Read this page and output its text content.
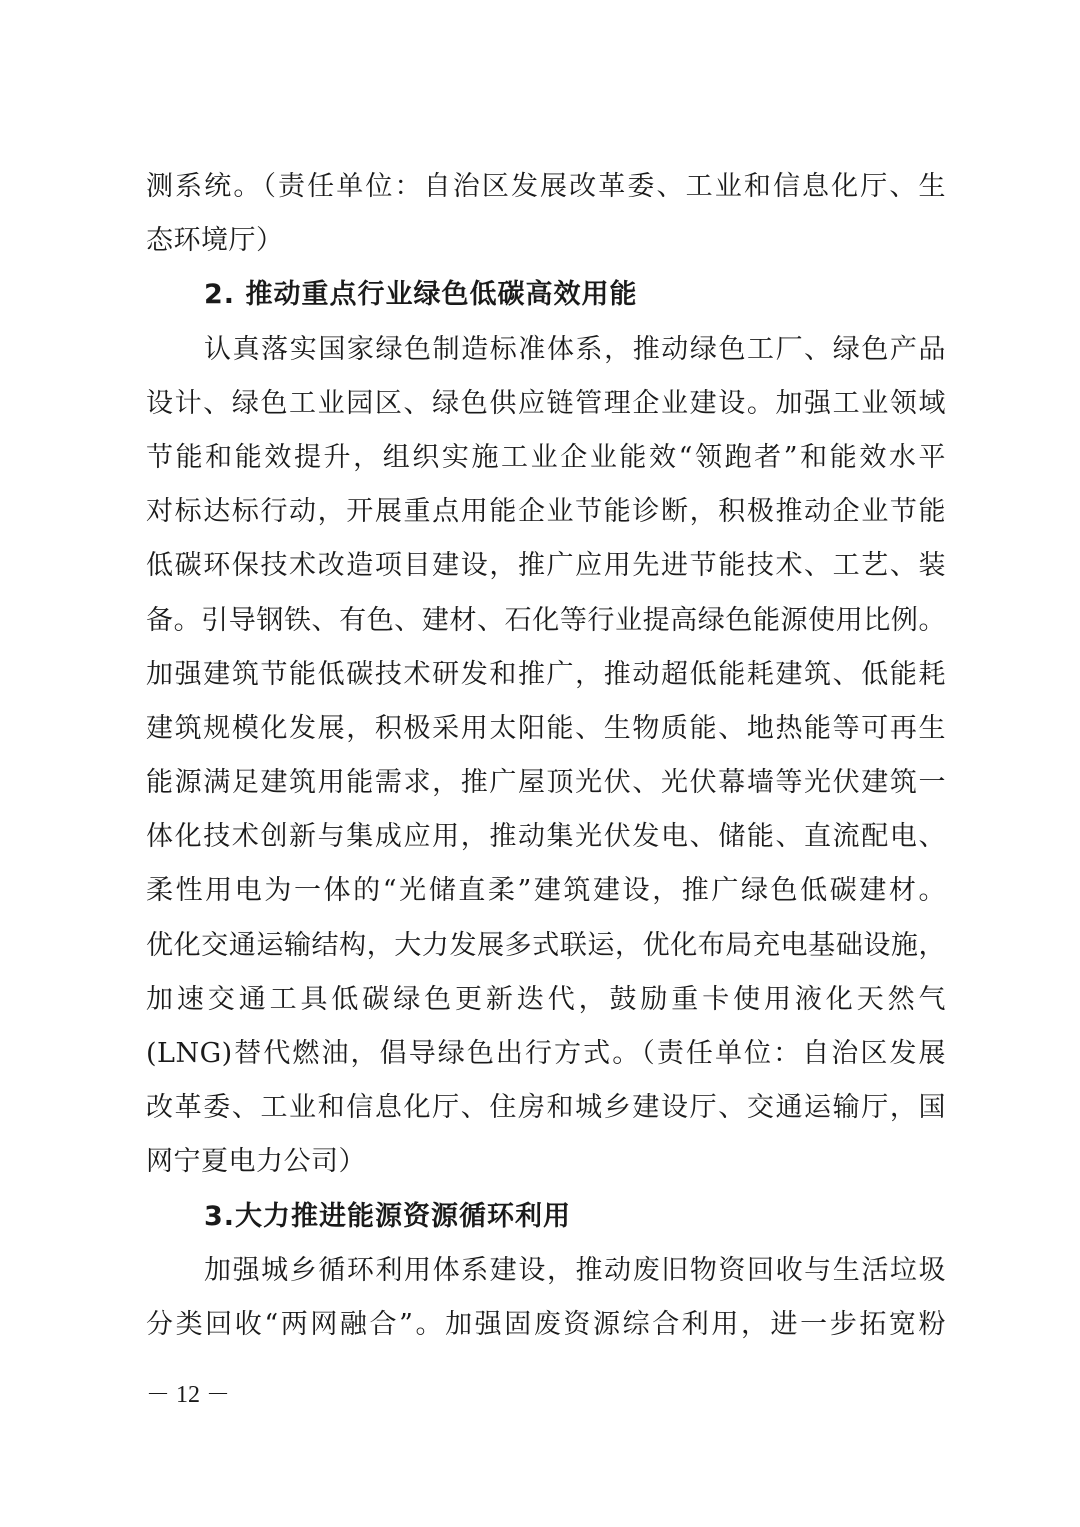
测系统。（责任单位：自治区发展改革委、工业和信息化厅、生
态环境厅）
2. 推动重点行业绿色低碳高效用能
认真落实国家绿色制造标准体系，推动绿色工厂、绿色产品
设计、绿色工业园区、绿色供应链管理企业建设。加强工业领域
节能和能效提升，组织实施工业企业能效“领跑者”和能效水平
对标达标行动，开展重点用能企业节能诊断，积极推动企业节能
低碳环保技术改造项目建设，推广应用先进节能技术、工艺、装
备。引导钢铁、有色、建材、石化等行业提高绿色能源使用比例。
加强建筑节能低碳技术研发和推广，推动超低能耗建筑、低能耗
建筑规模化发展，积极采用太阳能、生物质能、地热能等可再生
能源满足建筑用能需求，推广屋顶光伏、光伏幕墙等光伏建筑一
体化技术创新与集成应用，推动集光伏发电、储能、直流配电、
柔性用电为一体的“光储直柔”建筑建设，推广绿色低碳建材。
优化交通运输结构，大力发展多式联运，优化布局充电基础设施，
加速交通工具低碳绿色更新迭代，鼓励重卡使用液化天然气
(LNG)替代燃油，倡导绿色出行方式。（责任单位：自治区发展
改革委、工业和信息化厅、住房和城乡建设厅、交通运输厅，国
网宁夏电力公司）
3.大力推进能源资源循环利用
加强城乡循环利用体系建设，推动废旧物资回收与生活垃圾
分类回收“两网融合”。加强固废资源综合利用，进一步拓宽粉
－ 12 －
